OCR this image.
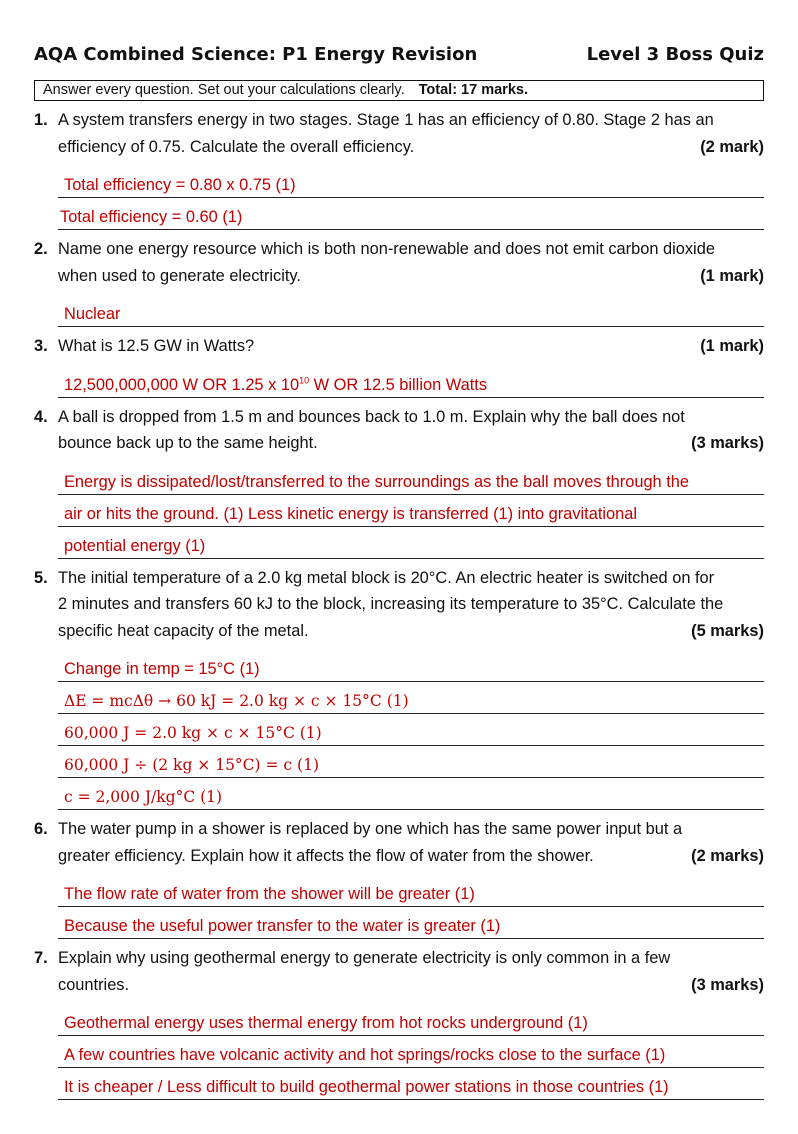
AQA Combined Science: P1 Energy Revision	Level 3 Boss Quiz
Answer every question. Set out your calculations clearly. Total: 17 marks.
1. A system transfers energy in two stages. Stage 1 has an efficiency of 0.80. Stage 2 has an
efficiency of 0.75. Calculate the overall efficiency.	(2 mark)
Total efficiency = 0.80 x 0.75 (1)
Total efficiency = 0.60 (1)
2. Name one energy resource which is both non-renewable and does not emit carbon dioxide
when used to generate electricity.	(1 mark)
Nuclear
3. What is 12.5 GW in Watts?	(1 mark)
12,500,000,000 W OR 1.25 x $10^{10}$ W OR 12.5 billion Watts
4. A ball is dropped from 1.5 m and bounces back to 1.0 m. Explain why the ball does not
bounce back up to the same height.	(3 marks)
Energy is dissipated/lost/transferred to the surroundings as the ball moves through the
air or hits the ground. (1) Less kinetic energy is transferred (1) into gravitational
potential energy (1)
5. The initial temperature of a 2.0 kg metal block is 20°C. An electric heater is switched on for
2 minutes and transfers 60 kJ to the block, increasing its temperature to 35°C. Calculate the
specific heat capacity of the metal.	(5 marks)
Change in temp = 15°C (1)
ΔE = mcΔθ → 60 kJ = 2.0 kg × c × 15°C (1)
60,000 J = 2.0 kg × c × 15°C (1)
60,000 J ÷ (2 kg × 15°C) = c (1)
c = 2,000 J/kg°C (1)
6. The water pump in a shower is replaced by one which has the same power input but a
greater efficiency. Explain how it affects the flow of water from the shower.	(2 marks)
The flow rate of water from the shower will be greater (1)
Because the useful power transfer to the water is greater (1)
7. Explain why using geothermal energy to generate electricity is only common in a few
countries.	(3 marks)
Geothermal energy uses thermal energy from hot rocks underground (1)
A few countries have volcanic activity and hot springs/rocks close to the surface (1)
It is cheaper / Less difficult to build geothermal power stations in those countries (1)
